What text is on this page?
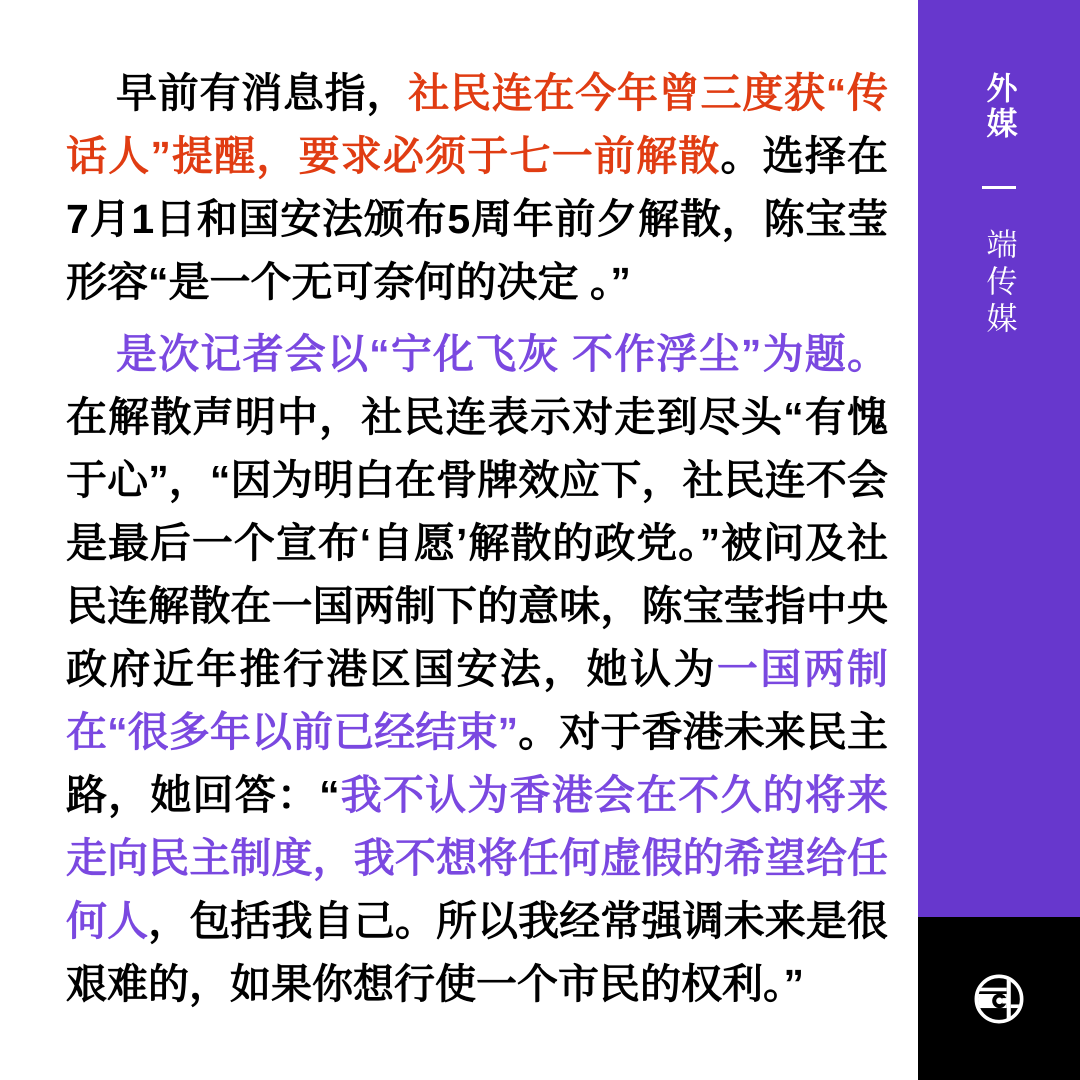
早前有消息指，社民连在今年曾三度获“传话人”提醒，要求必须于七一前解散。选择在7月1日和国安法颁布5周年前夕解散，陈宝莹形容“是一个无可奈何的决定 。”

是次记者会以“宁化飞灰 不作浮尘”为题。在解散声明中，社民连表示对走到尽头“有愧于心”，“因为明白在骨牌效应下，社民连不会是最后一个宣布‘自愿’解散的政党。”被问及社民连解散在一国两制下的意味，陈宝莹指中央政府近年推行港区国安法，她认为一国两制在“很多年以前已经结束”。对于香港未来民主路，她回答：“我不认为香港会在不久的将来走向民主制度，我不想将任何虚假的希望给任何人，包括我自己。所以我经常强调未来是很艰难的，如果你想行使一个市民的权利。”

外媒
端传媒
